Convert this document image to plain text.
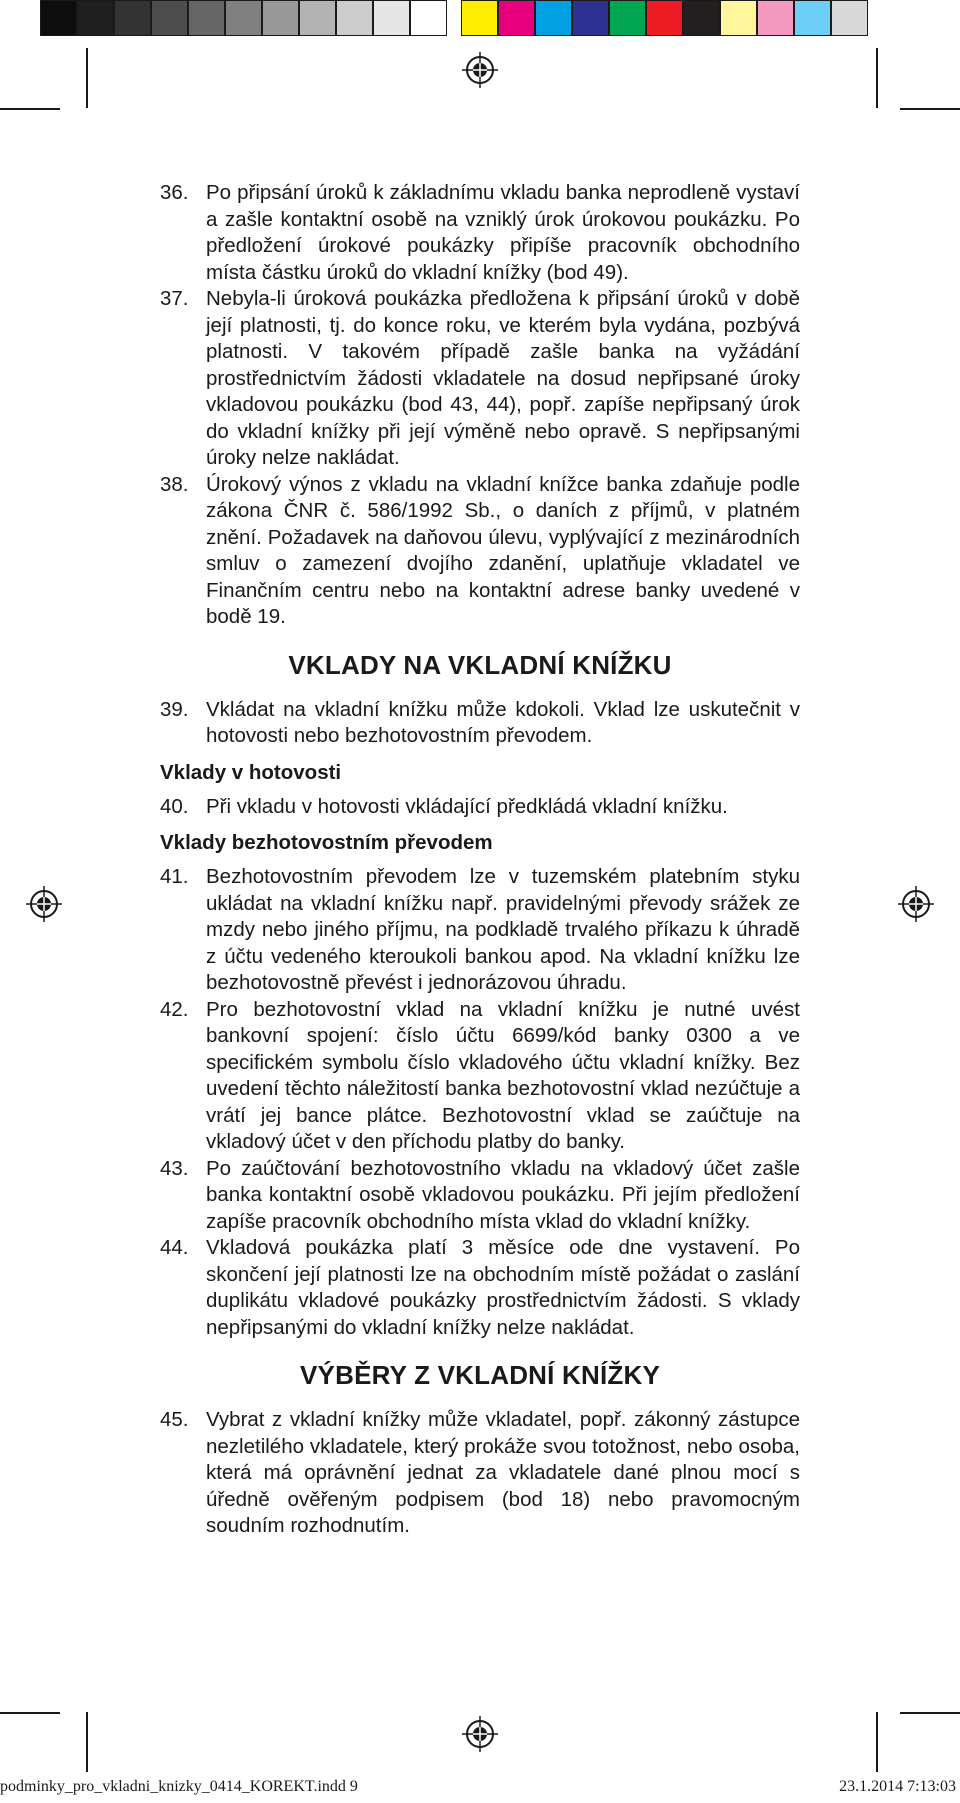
36. Po připsání úroků k základnímu vkladu banka neprodleně vystaví a zašle kontaktní osobě na vzniklý úrok úrokovou poukázku. Po předložení úrokové poukázky připíše pracovník obchodního místa částku úroků do vkladní knížky (bod 49).
37. Nebyla-li úroková poukázka předložena k připsání úroků v době její platnosti, tj. do konce roku, ve kterém byla vydána, pozbývá platnosti. V takovém případě zašle banka na vyžádání prostřednictvím žádosti vkladatele na dosud nepřipsané úroky vkladovou poukázku (bod 43, 44), popř. zapíše nepřipsaný úrok do vkladní knížky při její výměně nebo opravě. S nepřipsanými úroky nelze nakládat.
38. Úrokový výnos z vkladu na vkladní knížce banka zdaňuje podle zákona ČNR č. 586/1992 Sb., o daních z příjmů, v platném znění. Požadavek na daňovou úlevu, vyplývající z mezinárodních smluv o zamezení dvojího zdanění, uplatňuje vkladatel ve Finančním centru nebo na kontaktní adrese banky uvedené v bodě 19.
VKLADY NA VKLADNÍ KNÍŽKU
39. Vkládat na vkladní knížku může kdokoli. Vklad lze uskutečnit v hotovosti nebo bezhotovostním převodem.
Vklady v hotovosti
40. Při vkladu v hotovosti vkládající předkládá vkladní knížku.
Vklady bezhotovostním převodem
41. Bezhotovostním převodem lze v tuzemském platebním styku ukládat na vkladní knížku např. pravidelnými převody srážek ze mzdy nebo jiného příjmu, na podkladě trvalého příkazu k úhradě z účtu vedeného kteroukoli bankou apod. Na vkladní knížku lze bezhotovostně převést i jednorázovou úhradu.
42. Pro bezhotovostní vklad na vkladní knížku je nutné uvést bankovní spojení: číslo účtu 6699/kód banky 0300 a ve specifickém symbolu číslo vkladového účtu vkladní knížky. Bez uvedení těchto náležitostí banka bezhotovostní vklad nezúčtuje a vrátí jej bance plátce. Bezhotovostní vklad se zaúčtuje na vkladový účet v den příchodu platby do banky.
43. Po zaúčtování bezhotovostního vkladu na vkladový účet zašle banka kontaktní osobě vkladovou poukázku. Při jejím předložení zapíše pracovník obchodního místa vklad do vkladní knížky.
44. Vkladová poukázka platí 3 měsíce ode dne vystavení. Po skončení její platnosti lze na obchodním místě požádat o zaslání duplikátu vkladové poukázky prostřednictvím žádosti. S vklady nepřipsanými do vkladní knížky nelze nakládat.
VÝBĚRY Z VKLADNÍ KNÍŽKY
45. Vybrat z vkladní knížky může vkladatel, popř. zákonný zástupce nezletilého vkladatele, který prokáže svou totožnost, nebo osoba, která má oprávnění jednat za vkladatele dané plnou mocí s úředně ověřeným podpisem (bod 18) nebo pravomocným soudním rozhodnutím.
podminky_pro_vkladni_knizky_0414_KOREKT.indd 9	23.1.2014 7:13:03
